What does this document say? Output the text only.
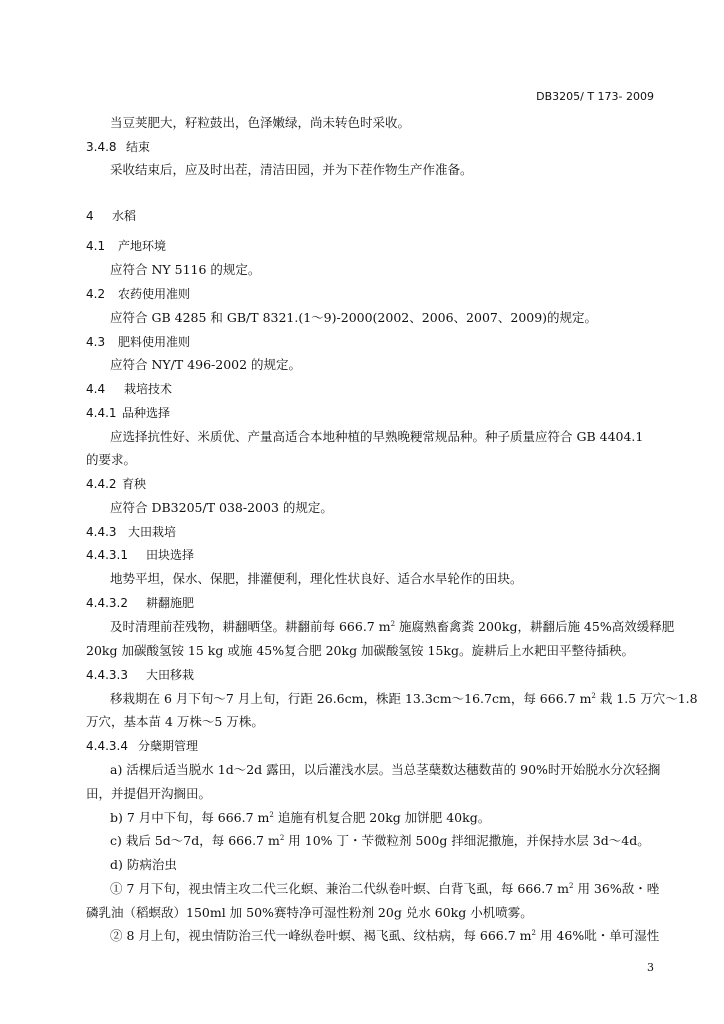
DB3205/ T 173- 2009
当豆荚肥大，籽粒鼓出，色泽嫩绿，尚未转色时采收。
3.4.8 结束
采收结束后，应及时出茬，清洁田园，并为下茬作物生产作准备。
4 水稻
4.1 产地环境
应符合 NY 5116 的规定。
4.2 农药使用准则
应符合 GB 4285 和 GB/T 8321.(1～9)-2000(2002、2006、2007、2009)的规定。
4.3 肥料使用准则
应符合 NY/T 496-2002 的规定。
4.4 栽培技术
4.4.1 品种选择
应选择抗性好、米质优、产量高适合本地种植的早熟晚粳常规品种。种子质量应符合 GB 4404.1
的要求。
4.4.2 育秧
应符合 DB3205/T 038-2003 的规定。
4.4.3 大田栽培
4.4.3.1 田块选择
地势平坦，保水、保肥，排灌便利，理化性状良好、适合水旱轮作的田块。
4.4.3.2 耕翻施肥
及时清理前茬残物，耕翻晒垡。耕翻前每 666.7 $m^2$ 施腐熟畜禽粪 200kg，耕翻后施 45%高效缓释肥
20kg 加碳酸氢铵 15 kg 或施 45%复合肥 20kg 加碳酸氢铵 15kg。旋耕后上水耙田平整待插秧。
4.4.3.3 大田移栽
移栽期在 6 月下旬～7 月上旬，行距 26.6cm，株距 13.3cm～16.7cm，每 666.7 $m^2$ 栽 1.5 万穴～1.8
万穴，基本苗 4 万株～5 万株。
4.4.3.4 分蘖期管理
a) 活棵后适当脱水 1d～2d 露田，以后灌浅水层。当总茎蘖数达穗数苗的 90%时开始脱水分次轻搁
田，并提倡开沟搁田。
b) 7 月中下旬，每 666.7 $m^2$ 追施有机复合肥 20kg 加饼肥 40kg。
c) 栽后 5d～7d，每 666.7 $m^2$ 用 10% 丁・苄微粒剂 500g 拌细泥撒施，并保持水层 3d～4d。
d) 防病治虫
① 7 月下旬，视虫情主攻二代三化螟、兼治二代纵卷叶螟、白背飞虱，每 666.7 $m^2$ 用 36%敌・唑
磷乳油（稻螟敌）150ml 加 50%赛特净可湿性粉剂 20g 兑水 60kg 小机喷雾。
② 8 月上旬，视虫情防治三代一峰纵卷叶螟、褐飞虱、纹枯病，每 666.7 $m^2$ 用 46%吡・单可湿性
3
